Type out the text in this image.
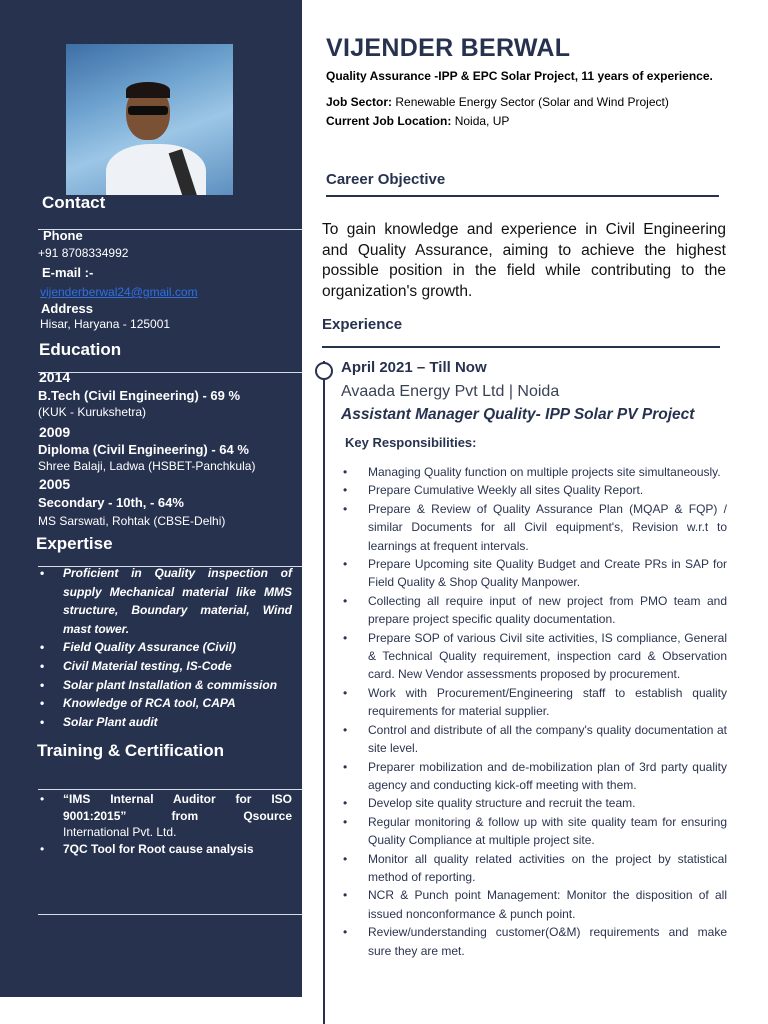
Contact
Phone
+91 8708334992
E-mail :-
vijenderberwal24@gmail.com
Address
Hisar, Haryana - 125001
Education
2014
B.Tech (Civil Engineering) - 69 %
(KUK - Kurukshetra)
2009
Diploma (Civil Engineering) - 64 %
Shree Balaji, Ladwa (HSBET-Panchkula)
2005
Secondary - 10th, - 64%
MS Sarswati, Rohtak (CBSE-Delhi)
Expertise
• Proficient in Quality inspection of supply Mechanical material like MMS structure, Boundary material, Wind mast tower.
• Field Quality Assurance (Civil)
• Civil Material testing, IS-Code
• Solar plant Installation & commission
• Knowledge of RCA tool, CAPA
• Solar Plant audit
Training & Certification
• “IMS Internal Auditor for ISO 9001:2015” from Qsource
International Pvt. Ltd.
• 7QC Tool for Root cause analysis
VIJENDER BERWAL
Quality Assurance -IPP & EPC Solar Project, 11 years of experience.
Job Sector: Renewable Energy Sector (Solar and Wind Project)
Current Job Location: Noida, UP
Career Objective
To gain knowledge and experience in Civil Engineering and Quality Assurance, aiming to achieve the highest possible position in the field while contributing to the organization's growth.
Experience
April 2021 – Till Now
Avaada Energy Pvt Ltd | Noida
Assistant Manager Quality- IPP Solar PV Project
Key Responsibilities:
• Managing Quality function on multiple projects site simultaneously.
• Prepare Cumulative Weekly all sites Quality Report.
• Prepare & Review of Quality Assurance Plan (MQAP & FQP) / similar Documents for all Civil equipment's, Revision w.r.t to learnings at frequent intervals.
• Prepare Upcoming site Quality Budget and Create PRs in SAP for Field Quality & Shop Quality Manpower.
• Collecting all require input of new project from PMO team and prepare project specific quality documentation.
• Prepare SOP of various Civil site activities, IS compliance, General & Technical Quality requirement, inspection card & Observation card. New Vendor assessments proposed by procurement.
• Work with Procurement/Engineering staff to establish quality requirements for material supplier.
• Control and distribute of all the company's quality documentation at site level.
• Preparer mobilization and de-mobilization plan of 3rd party quality agency and conducting kick-off meeting with them.
• Develop site quality structure and recruit the team.
• Regular monitoring & follow up with site quality team for ensuring Quality Compliance at multiple project site.
• Monitor all quality related activities on the project by statistical method of reporting.
• NCR & Punch point Management: Monitor the disposition of all issued nonconformance & punch point.
• Review/understanding customer(O&M) requirements and make sure they are met.
